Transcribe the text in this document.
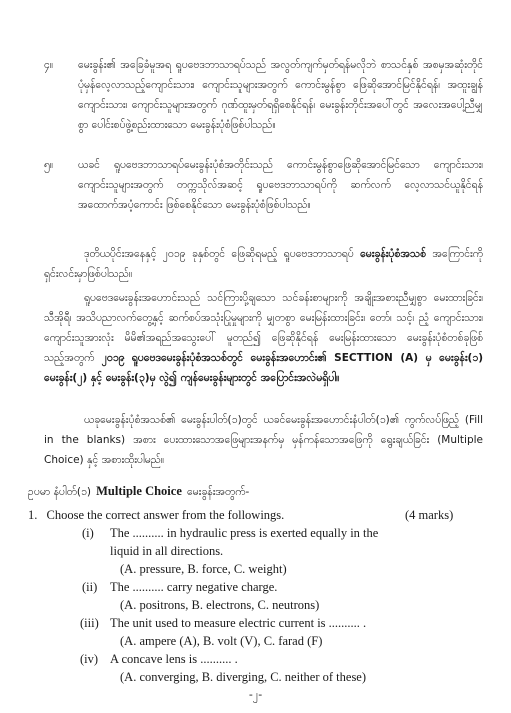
၄။	မေးခွန်း၏ အခြေခံမူအရ ရူပဗေဒဘာသာရပ်သည် အလွတ်ကျက်မှတ်ရန်မလိုဘဲ စာသင်နှစ် အစမှအဆုံးတိုင် ပုံမှန်လေ့လာသည့်ကျောင်းသား၊ ကျောင်းသူများအတွက် ကောင်းမွန်စွာ ဖြေဆိုအောင်မြင်နိုင်ရန်၊ အထူးချွန်ကျောင်းသား၊ ကျောင်းသူများအတွက် ဂုဏ်ထူးမှတ်ရရှိစေနိုင်ရန်၊ မေးခွန်းတိုင်းအပေါ်တွင် အလေးအပေါ့ညီမျှစွာ ပေါင်းစပ်ဖွဲ့စည်းထားသော မေးခွန်းပုံစံဖြစ်ပါသည်။
၅။	ယခင် ရူပဗေဒဘာသာရပ်မေးခွန်းပုံစံအတိုင်းသည် ကောင်းမွန်စွာဖြေဆိုအောင်မြင်သော ကျောင်းသား၊ ကျောင်းသူများအတွက် တက္ကသိုလ်အဆင့် ရူပဗေဒဘာသာရပ်ကို ဆက်လက် လေ့လာသင်ယူနိုင်ရန် အထောက်အပံ့ကောင်း ဖြစ်စေနိုင်သော မေးခွန်းပုံစံဖြစ်ပါသည်။
ဒုတိယပိုင်းအနေနှင့် ၂၀၁၉ ခုနှစ်တွင် ဖြေဆိုရမည့် ရူပဗေဒဘာသာရပ် မေးခွန်းပုံစံအသစ် အကြောင်းကို ရှင်းလင်းမှာဖြစ်ပါသည်။
ရူပဗေဒမေးခွန်းအဟောင်းသည် သင်ကြားပို့ချသော သင်ခန်းစာများကို အချိုးအစားညီမျှစွာ မေးထားခြင်း၊ သီအိုရီ၊ အသိပညာလက်တွေ့နှင့် ဆက်စပ်အသုံးပြုမှုများကို မျှတစွာ မေးမြန်းထားခြင်း၊ တော်၊ သင့်၊ ညံ့ ကျောင်းသား၊ ကျောင်းသူအားလုံး မိမိ၏အရည်အသွေးပေါ် မူတည်၍ ဖြေဆိုနိုင်ရန် မေးမြန်းထားသော မေးခွန်းပုံစံတစ်ခုဖြစ်သည့်အတွက် ၂၀၁၉ ရူပဗေဒမေးခွန်းပုံစံအသစ်တွင် မေးခွန်းအဟောင်း၏ SECTTION (A) မှ မေးခွန်း(၁) မေးခွန်း(၂) နှင့် မေးခွန်း(၃)မှ လွဲ၍ ကျန်မေးခွန်းများတွင် အပြောင်းအလဲမရှိပါ။
ယခုမေးခွန်းပုံစံအသစ်၏ မေးခွန်းပါတ်(၁)တွင် ယခင်မေးခွန်းအဟောင်းနံပါတ်(၁)၏ ကွက်လပ်ဖြည့် (Fill in the blanks) အစား ပေးထားသောအဖြေများအနက်မှ မှန်ကန်သောအဖြေကို ရွေးချယ်ခြင်း (Multiple Choice) နှင့် အစားထိုးပါမည်။
ဥပမာ နံပါတ်(၁) Multiple Choice မေးခွန်းအတွက်-
1. Choose the correct answer from the followings.	(4 marks)
(i)	The .......... in hydraulic press is exerted equally in the
liquid in all directions.
(A. pressure, B. force, C. weight)
(ii)	The .......... carry negative charge.
(A. positrons, B. electrons, C. neutrons)
(iii) The unit used to measure electric current is .......... .
(A. ampere (A), B. volt (V), C. farad (F)
(iv) A concave lens is .......... .
(A. converging, B. diverging, C. neither of these)
-၂-
